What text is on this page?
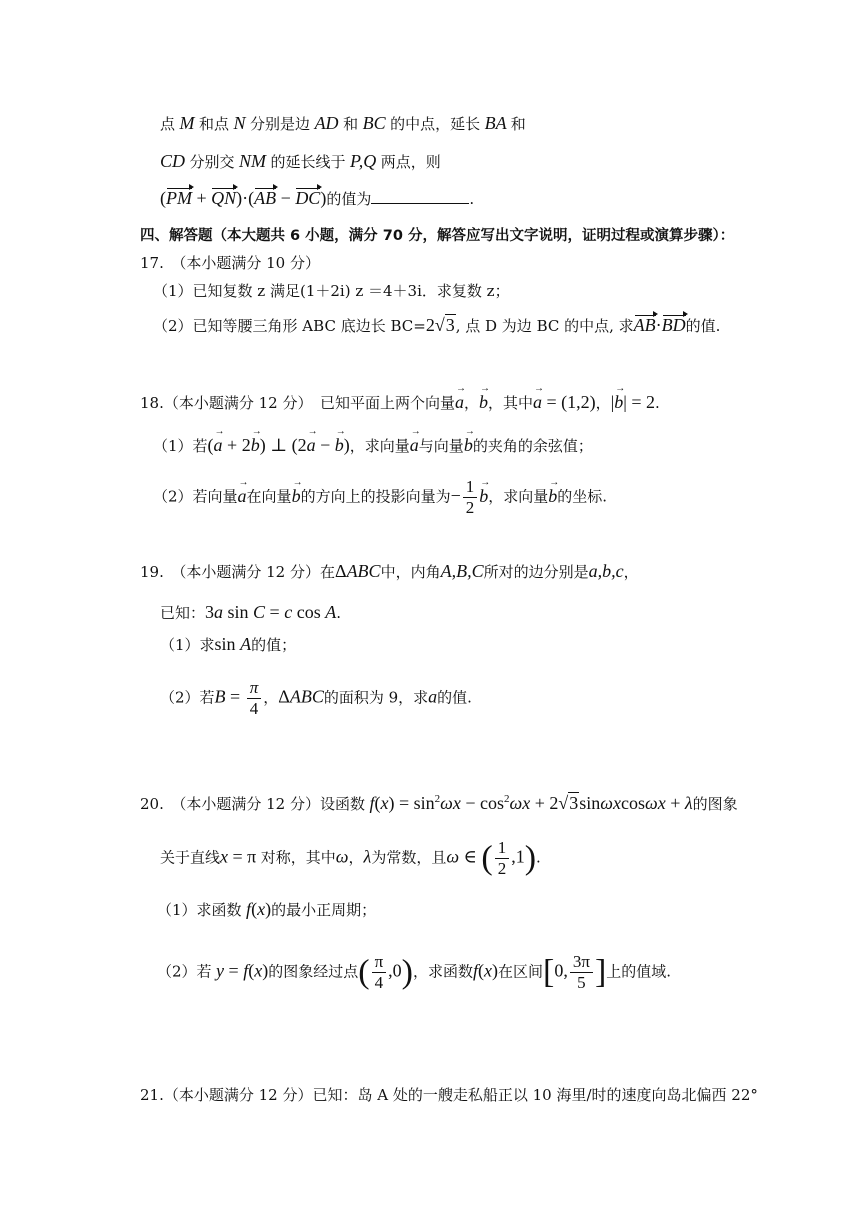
点 M 和点 N 分别是边 AD 和 BC 的中点，延长 BA 和
CD 分别交 NM 的延长线于 P,Q 两点，则
(PM + QN)·(AB − DC)的值为	.
四、解答题（本大题共 6 小题，满分 70 分，解答应写出文字说明，证明过程或演算步骤）：
17.　（本小题满分 10 分）
（1）已知复数 z 满足(1＋2i) z ＝4＋3i．求复数 z；
（2）已知等腰三角形 ABC 底边长 BC=2√3, 点 D 为边 BC 的中点, 求AB·BD的值.
18.（本小题满分 12 分）　已知平面上两个向量a →，b →，其中a → = (1,2)，|b →| = 2.
（1）若(a → + 2b →) ⊥ (2a → − b →)，求向量a →与向量b →的夹角的余弦值；
（2）若向量a →在向量b →的方向上的投影向量为− $\frac{1}{2}$ b →，求向量b →的坐标.
19.　（本小题满分 12 分）在ΔABC中，内角A,B,C所对的边分别是a,b,c，
已知：3a sin C = c cos A.
（1）求sin A的值；
（2）若$B = \frac{\pi}{4}$ ，ΔABC的面积为 9，求a的值.
20.　（本小题满分 12 分）设函数 $f(x) = \sin^2\omega x - \cos^2\omega x + 2√3\sin\omega xcos\omega x + \lambda$的图象
关于直线x = π 对称，其中ω，λ为常数，且ω ∈ ( $\frac{1}{2} ,1$).
（1）求函数 f(x)的最小正周期；
（2）若 y = f(x)的图象经过点( $\frac{\pi}{4} ,0$)，求函数f(x)在区间[0, $\frac{3\pi}{5}$ ]上的值域.
21.（本小题满分 12 分）已知：岛 A 处的一艘走私船正以 10 海里/时的速度向岛北偏西 22°
